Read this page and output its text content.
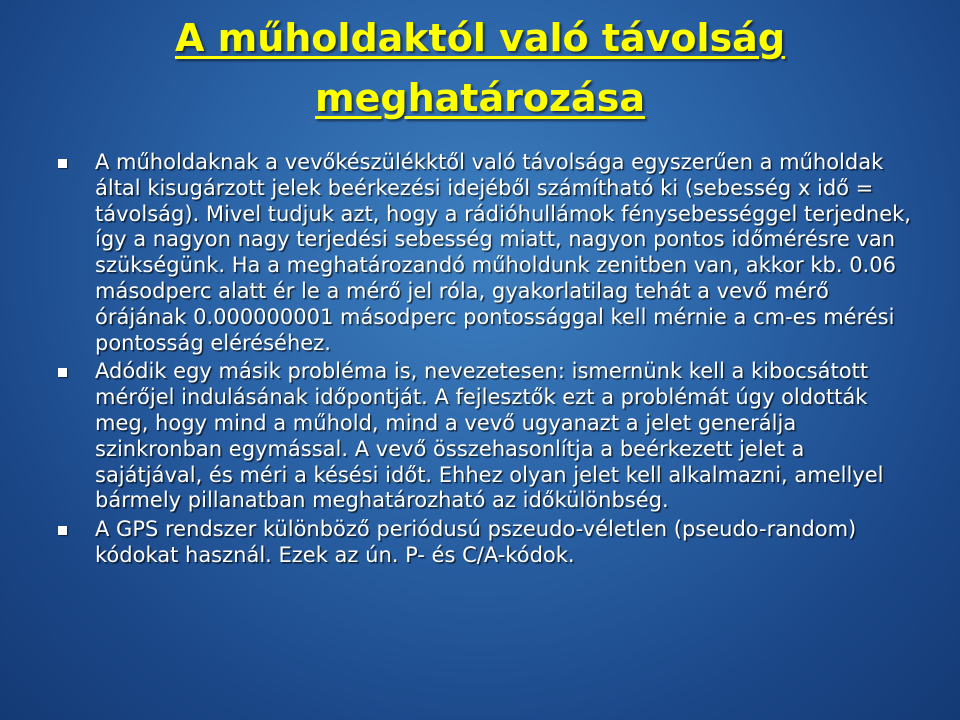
A műholdaktól való távolság
meghatározása
A műholdaknak a vevőkészülékktől való távolsága egyszerűen a műholdak által kisugárzott jelek beérkezési idejéből számítható ki (sebesség x idő = távolság). Mivel tudjuk azt, hogy a rádióhullámok fénysebességgel terjednek, így a nagyon nagy terjedési sebesség miatt, nagyon pontos időmérésre van szükségünk. Ha a meghatározandó műholdunk zenitben van, akkor kb. 0.06 másodperc alatt ér le a mérő jel róla, gyakorlatilag tehát a vevő mérő órájának 0.000000001 másodperc pontossággal kell mérnie a cm-es mérési pontosság eléréséhez.
Adódik egy másik probléma is, nevezetesen: ismernünk kell a kibocsátott mérőjel indulásának időpontját. A fejlesztők ezt a problémát úgy oldották meg, hogy mind a műhold, mind a vevő ugyanazt a jelet generálja szinkronban egymással. A vevő összehasonlítja a beérkezett jelet a sajátjával, és méri a késési időt. Ehhez olyan jelet kell alkalmazni, amellyel bármely pillanatban meghatározható az időkülönbség.
A GPS rendszer különböző periódusú pszeudo-véletlen (pseudo-random) kódokat használ. Ezek az ún. P- és C/A-kódok.
